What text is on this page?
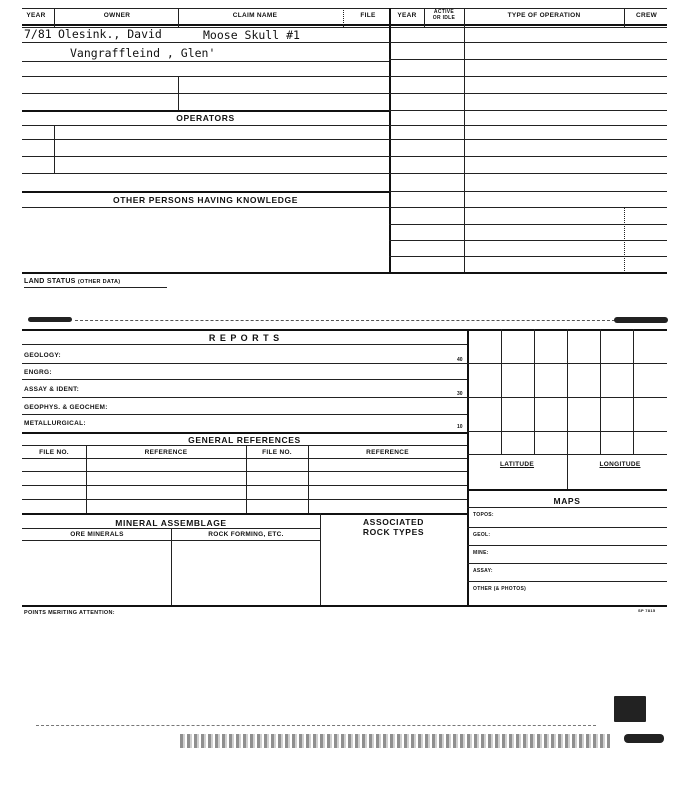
YEAR	OWNER	CLAIM NAME	FILE	YEAR	ACTIVE
OR IDLE	TYPE OF OPERATION	CREW
7/81 Olesink., David	Moose Skull #1
Vangraffleind , Glen'
OPERATORS
OTHER PERSONS HAVING KNOWLEDGE
LAND STATUS (OTHER DATA)
R E P O R T S
GEOLOGY:
ENGRG:
ASSAY & IDENT:
GEOPHYS. & GEOCHEM:
METALLURGICAL:
40
30
10
GENERAL REFERENCES
FILE NO.	REFERENCE	FILE NO.	REFERENCE
MINERAL ASSEMBLAGE	ASSOCIATED
ROCK TYPES
ORE MINERALS	ROCK FORMING, ETC.
LATITUDE	LONGITUDE
MAPS
TOPOS:
GEOL:
MINE:
ASSAY:
OTHER (& PHOTOS)
POINTS MERITING ATTENTION:	SP 7815
